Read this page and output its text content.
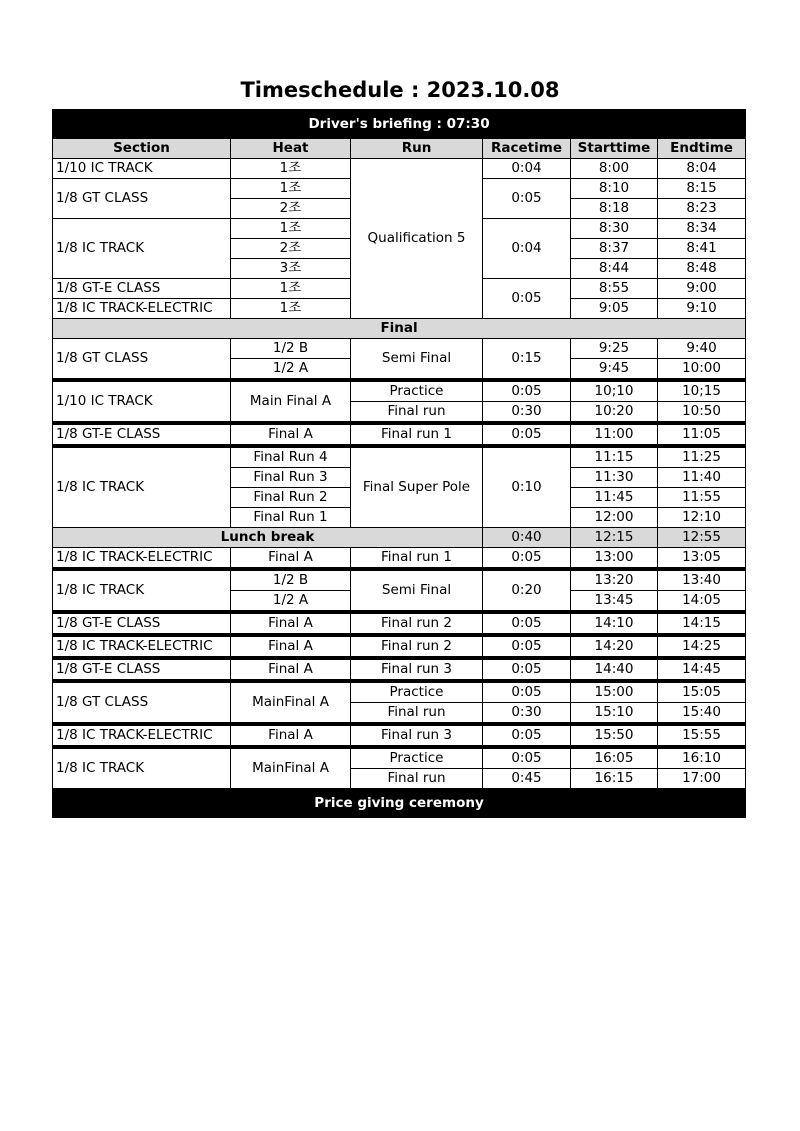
Timeschedule : 2023.10.08
Driver's briefing : 07:30					
Section	Heat	Run	Racetime	Starttime	Endtime
1/10 IC TRACK	1조	Qualification 5	0:04	8:00	8:04
1/8 GT CLASS	1조		0:05	8:10	8:15
	2조			8:18	8:23
1/8 IC TRACK	1조		0:04	8:30	8:34
	2조			8:37	8:41
	3조			8:44	8:48
1/8 GT-E CLASS	1조		0:05	8:55	9:00
1/8 IC TRACK-ELECTRIC	1조			9:05	9:10
Final					
1/8 GT CLASS	1/2 B	Semi Final	0:15	9:25	9:40
	1/2 A			9:45	10:00
1/10 IC TRACK	Main Final A	Practice	0:05	10;10	10;15
		Final run	0:30	10:20	10:50
1/8 GT-E CLASS	Final A	Final run 1	0:05	11:00	11:05
1/8 IC TRACK	Final Run 4	Final Super Pole	0:10	11:15	11:25
	Final Run 3			11:30	11:40
	Final Run 2			11:45	11:55
	Final Run 1			12:00	12:10
Lunch break			0:40	12:15	12:55
1/8 IC TRACK-ELECTRIC	Final A	Final run 1	0:05	13:00	13:05
1/8 IC TRACK	1/2 B	Semi Final	0:20	13:20	13:40
	1/2 A			13:45	14:05
1/8 GT-E CLASS	Final A	Final run 2	0:05	14:10	14:15
1/8 IC TRACK-ELECTRIC	Final A	Final run 2	0:05	14:20	14:25
1/8 GT-E CLASS	Final A	Final run 3	0:05	14:40	14:45
1/8 GT CLASS	MainFinal A	Practice	0:05	15:00	15:05
		Final run	0:30	15:10	15:40
1/8 IC TRACK-ELECTRIC	Final A	Final run 3	0:05	15:50	15:55
1/8 IC TRACK	MainFinal A	Practice	0:05	16:05	16:10
		Final run	0:45	16:15	17:00
Price giving ceremony					
